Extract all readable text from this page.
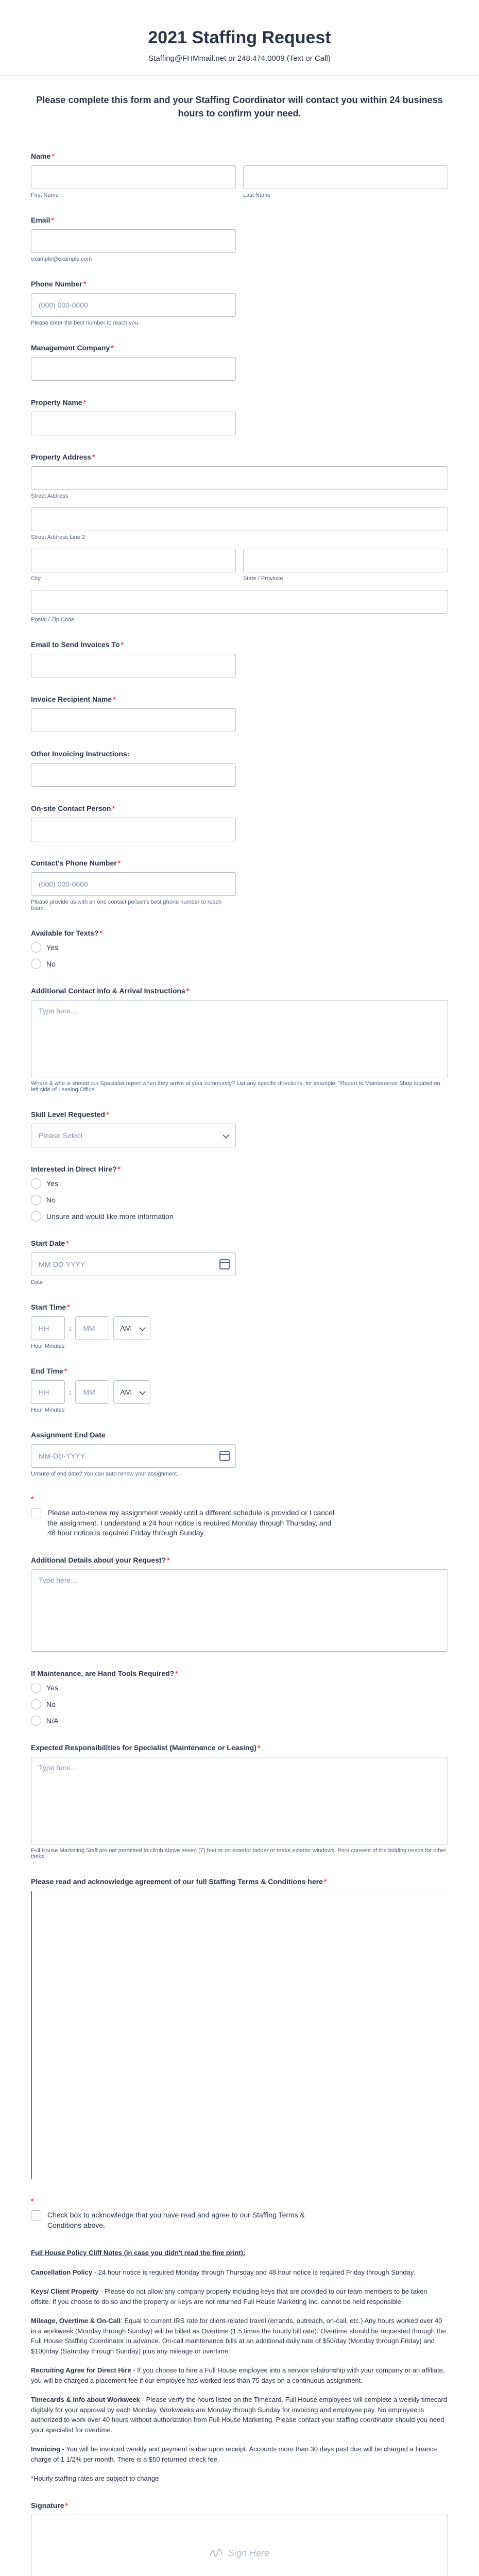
2021 Staffing Request
Staffing@FHMmail.net or 248.474.0009 (Text or Call)
Please complete this form and your Staffing Coordinator will contact you within 24 business hours to confirm your need.
Name *
First Name	Last Name
Email *
example@example.com
Phone Number *
(000) 000-0000
Please enter the best number to reach you.
Management Company *
Property Name *
Property Address *
Street Address
Street Address Line 2
City	State / Province
Postal / Zip Code
Email to Send Invoices To *
Invoice Recipient Name *
Other Invoicing Instructions:
On-site Contact Person *
Contact's Phone Number *
(000) 000-0000
Please provide us with an one contact person's best phone number to reach them.
Available for Texts? *
Yes
No
Additional Contact Info & Arrival Instructions *
Type here...
Where & who is should our Specialist report when they arrive at your community? List any specific directions, for example: "Report to Maintenance Shop located on left side of Leasing Office"
Skill Level Requested *
Please Select
Interested in Direct Hire? *
Yes
No
Unsure and would like more information
Start Date *
MM-DD-YYYY
Date
Start Time *
HH
:
MM	AM
Hour Minutes
End Time *
HH
:
MM	AM
Hour Minutes
Assignment End Date
MM-DD-YYYY
Unsure of end date? You can auto renew your assignment.
*
Please auto-renew my assignment weekly until a different schedule is provided or I cancel the assignment. I understand a 24 hour notice is required Monday through Thursday, and 48 hour notice is required Friday through Sunday.
Additional Details about your Request? *
Type here...
If Maintenance, are Hand Tools Required? *
Yes
No
N/A
Expected Responsibilities for Specialist (Maintenance or Leasing) *
Type here...
Full House Marketing Staff are not permitted to climb above seven (7) feet or on exterior ladder or make exterior windows. Prior consent of the bidding needs for other tasks.
Please read and acknowledge agreement of our full Staffing Terms & Conditions here *
*
Check box to acknowledge that you have read and agree to our Staffing Terms & Conditions above.

Full House Policy Cliff Notes (in case you didn't read the fine print):

Cancellation Policy - 24 hour notice is required Monday through Thursday and 48 hour notice is required Friday through Sunday.

Keys/ Client Property - Please do not allow any company property including keys that are provided to our team members to be taken offsite. If you choose to do so and the property or keys are not returned Full House Marketing Inc. cannot be held responsible.

Mileage, Overtime & On-Call: Equal to current IRS rate for client-related travel (errands, outreach, on-call, etc.) Any hours worked over 40 in a workweek (Monday through Sunday) will be billed as Overtime (1.5 times the hourly bill rate). Overtime should be requested through the Full House Staffing Coordinator in advance. On-call maintenance bills at an additional daily rate of $50/day (Monday through Friday) and $100/day (Saturday through Sunday) plus any mileage or overtime.

Recruiting Agree for Direct Hire - If you choose to hire a Full House employee into a service relationship with your company or an affiliate, you will be charged a placement fee if our employee has worked less than 75 days on a continuous assignment.

Timecards & Info about Workweek - Please verify the hours listed on the Timecard. Full House employees will complete a weekly timecard digitally for your approval by each Monday. Workweeks are Monday through Sunday for invoicing and employee pay. No employee is authorized to work over 40 hours without authorization from Full House Marketing. Please contact your staffing coordinator should you need your specialist for overtime.

Invoicing - You will be invoiced weekly and payment is due upon receipt. Accounts more than 30 days past due will be charged a finance charge of 1 1/2% per month. There is a $50 returned check fee.

*Hourly staffing rates are subject to change

Signature *
Sign Here
